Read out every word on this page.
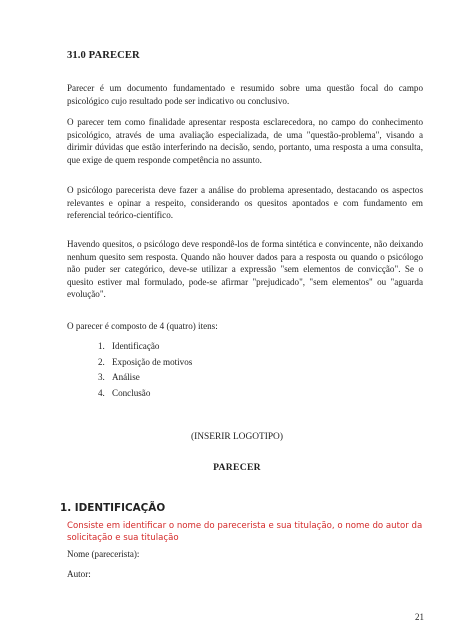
31.0 PARECER

Parecer é um documento fundamentado e resumido sobre uma questão focal do campo psicológico cujo resultado pode ser indicativo ou conclusivo.

O parecer tem como finalidade apresentar resposta esclarecedora, no campo do conhecimento psicológico, através de uma avaliação especializada, de uma "questão-problema", visando a dirimir dúvidas que estão interferindo na decisão, sendo, portanto, uma resposta a uma consulta, que exige de quem responde competência no assunto.

O psicólogo parecerista deve fazer a análise do problema apresentado, destacando os aspectos relevantes e opinar a respeito, considerando os quesitos apontados e com fundamento em referencial teórico-científico.

Havendo quesitos, o psicólogo deve respondê-los de forma sintética e convincente, não deixando nenhum quesito sem resposta. Quando não houver dados para a resposta ou quando o psicólogo não puder ser categórico, deve-se utilizar a expressão "sem elementos de convicção". Se o quesito estiver mal formulado, pode-se afirmar "prejudicado", "sem elementos" ou "aguarda evolução".

O parecer é composto de 4 (quatro) itens:

1. Identificação
2. Exposição de motivos
3. Análise
4. Conclusão
(INSERIR LOGOTIPO)
PARECER
1. IDENTIFICAÇÃO

Consiste em identificar o nome do parecerista e sua titulação, o nome do autor da solicitação e sua titulação

Nome (parecerista):
Autor:
21
